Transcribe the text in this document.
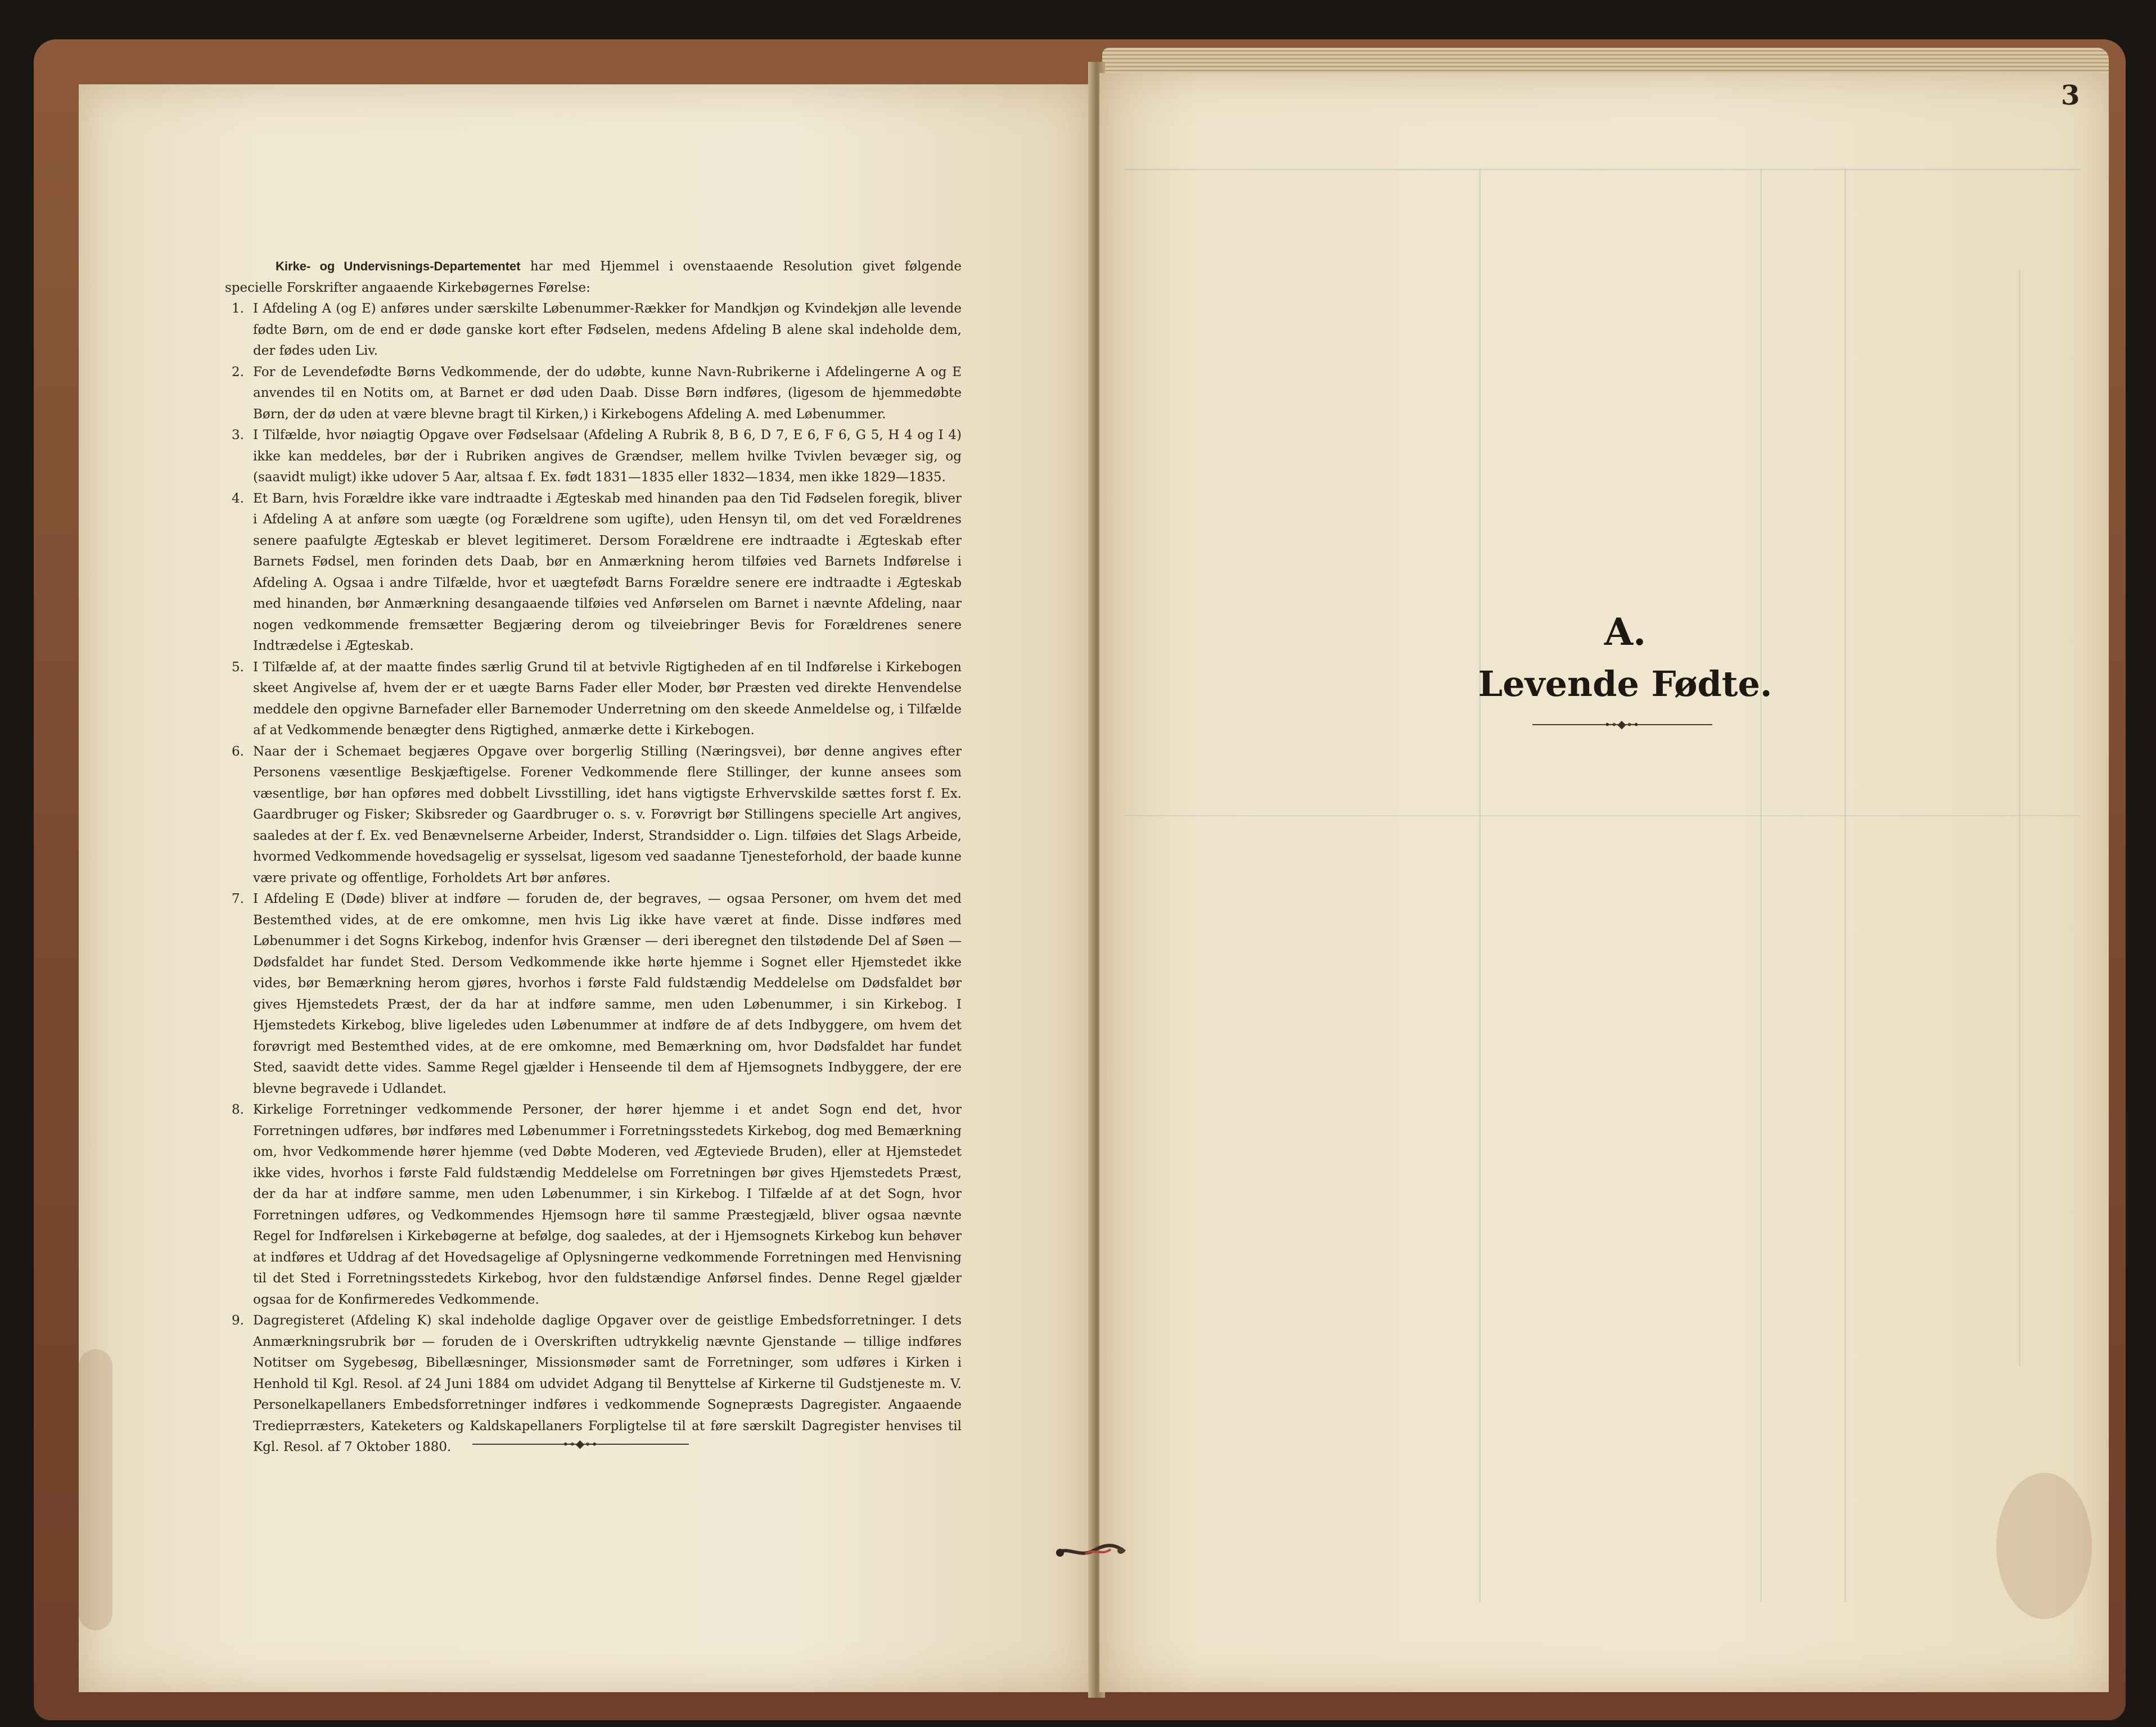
Kirke- og Undervisnings-Departementet har med Hjemmel i ovenstaaende Resolution givet følgende specielle Forskrifter angaaende Kirkebøgernes Førelse:

1. I Afdeling A (og E) anføres under særskilte Løbenummer-Rækker for Mandkjøn og Kvindekjøn alle levende fødte Børn, om de end er døde ganske kort efter Fødselen, medens Afdeling B alene skal indeholde dem, der fødes uden Liv.
2. For de Levendefødte Børns Vedkommende, der do udøbte, kunne Navn-Rubrikerne i Afdelingerne A og E anvendes til en Notits om, at Barnet er død uden Daab. Disse Børn indføres, (ligesom de hjemmedøbte Børn, der dø uden at være blevne bragt til Kirken,) i Kirkebogens Afdeling A. med Løbenummer.
3. I Tilfælde, hvor nøiagtig Opgave over Fødselsaar (Afdeling A Rubrik 8, B 6, D 7, E 6, F 6, G 5, H 4 og I 4) ikke kan meddeles, bør der i Rubriken angives de Grændser, mellem hvilke Tvivlen bevæger sig, og (saavidt muligt) ikke udover 5 Aar, altsaa f. Ex. født 1831—1835 eller 1832—1834, men ikke 1829—1835.
4. Et Barn, hvis Forældre ikke vare indtraadte i Ægteskab med hinanden paa den Tid Fødselen foregik, bliver i Afdeling A at anføre som uægte (og Forældrene som ugifte), uden Hensyn til, om det ved Forældrenes senere paafulgte Ægteskab er blevet legitimeret. Dersom Forældrene ere indtraadte i Ægteskab efter Barnets Fødsel, men forinden dets Daab, bør en Anmærkning herom tilføies ved Barnets Indførelse i Afdeling A. Ogsaa i andre Tilfælde, hvor et uægtefødt Barns Forældre senere ere indtraadte i Ægteskab med hinanden, bør Anmærkning desangaaende tilføies ved Anførselen om Barnet i nævnte Afdeling, naar nogen vedkommende fremsætter Begjæring derom og tilveiebringer Bevis for Forældrenes senere Indtrædelse i Ægteskab.
5. I Tilfælde af, at der maatte findes særlig Grund til at betvivle Rigtigheden af en til Indførelse i Kirkebogen skeet Angivelse af, hvem der er et uægte Barns Fader eller Moder, bør Præsten ved direkte Henvendelse meddele den opgivne Barnefader eller Barnemoder Underretning om den skeede Anmeldelse og, i Tilfælde af at Vedkommende benægter dens Rigtighed, anmærke dette i Kirkebogen.
6. Naar der i Schemaet begjæres Opgave over borgerlig Stilling (Næringsvei), bør denne angives efter Personens væsentlige Beskjæftigelse. Forener Vedkommende flere Stillinger, der kunne ansees som væsentlige, bør han opføres med dobbelt Livsstilling, idet hans vigtigste Erhvervskilde sættes forst f. Ex. Gaardbruger og Fisker; Skibsreder og Gaardbruger o. s. v. Forøvrigt bør Stillingens specielle Art angives, saaledes at der f. Ex. ved Benævnelserne Arbeider, Inderst, Strandsidder o. Lign. tilføies det Slags Arbeide, hvormed Vedkommende hovedsagelig er sysselsat, ligesom ved saadanne Tjenesteforhold, der baade kunne være private og offentlige, Forholdets Art bør anføres.
7. I Afdeling E (Døde) bliver at indføre — foruden de, der begraves, — ogsaa Personer, om hvem det med Bestemthed vides, at de ere omkomne, men hvis Lig ikke have været at finde. Disse indføres med Løbenummer i det Sogns Kirkebog, indenfor hvis Grænser — deri iberegnet den tilstødende Del af Søen — Dødsfaldet har fundet Sted. Dersom Vedkommende ikke hørte hjemme i Sognet eller Hjemstedet ikke vides, bør Bemærkning herom gjøres, hvorhos i første Fald fuldstændig Meddelelse om Dødsfaldet bør gives Hjemstedets Præst, der da har at indføre samme, men uden Løbenummer, i sin Kirkebog. I Hjemstedets Kirkebog, blive ligeledes uden Løbenummer at indføre de af dets Indbyggere, om hvem det forøvrigt med Bestemthed vides, at de ere omkomne, med Bemærkning om, hvor Dødsfaldet har fundet Sted, saavidt dette vides. Samme Regel gjælder i Henseende til dem af Hjemsognets Indbyggere, der ere blevne begravede i Udlandet.
8. Kirkelige Forretninger vedkommende Personer, der hører hjemme i et andet Sogn end det, hvor Forretningen udføres, bør indføres med Løbenummer i Forretningsstedets Kirkebog, dog med Bemærkning om, hvor Vedkommende hører hjemme (ved Døbte Moderen, ved Ægteviede Bruden), eller at Hjemstedet ikke vides, hvorhos i første Fald fuldstændig Meddelelse om Forretningen bør gives Hjemstedets Præst, der da har at indføre samme, men uden Løbenummer, i sin Kirkebog. I Tilfælde af at det Sogn, hvor Forretningen udføres, og Vedkommendes Hjemsogn høre til samme Præstegjæld, bliver ogsaa nævnte Regel for Indførelsen i Kirkebøgerne at befølge, dog saaledes, at der i Hjemsognets Kirkebog kun behøver at indføres et Uddrag af det Hovedsagelige af Oplysningerne vedkommende Forretningen med Henvisning til det Sted i Forretningsstedets Kirkebog, hvor den fuldstændige Anførsel findes. Denne Regel gjælder ogsaa for de Konfirmeredes Vedkommende.
9. Dagregisteret (Afdeling K) skal indeholde daglige Opgaver over de geistlige Embedsforretninger. I dets Anmærkningsrubrik bør — foruden de i Overskriften udtrykkelig nævnte Gjenstande — tillige indføres Notitser om Sygebesøg, Bibellæsninger, Missionsmøder samt de Forretninger, som udføres i Kirken i Henhold til Kgl. Resol. af 24 Juni 1884 om udvidet Adgang til Benyttelse af Kirkerne til Gudstjeneste m. V. Personelkapellaners Embedsforretninger indføres i vedkommende Sognepræsts Dagregister. Angaaende Tredieprræsters, Kateketers og Kaldskapellaners Forpligtelse til at føre særskilt Dagregister henvises til Kgl. Resol. af 7 Oktober 1880.	⊷◆⊶
3
A.
Levende Fødte.
⊷◆⊶
